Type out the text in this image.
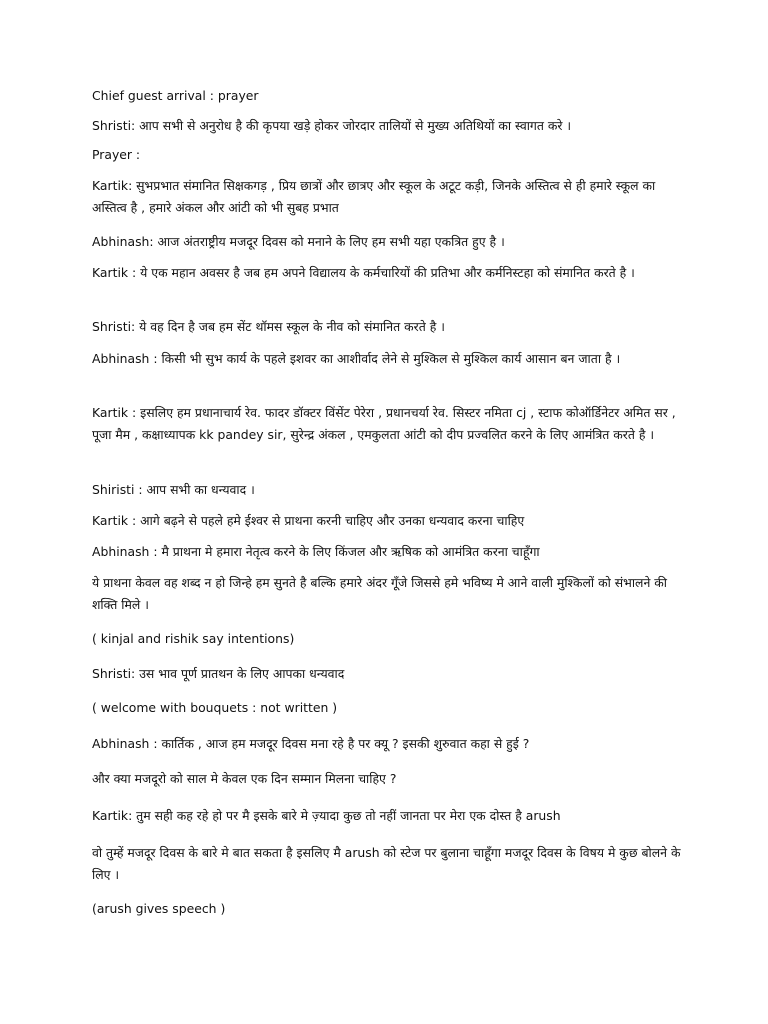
Chief guest arrival : prayer
Shristi: आप सभी से अनुरोध है की कृपया खड़े होकर जोरदार तालियों से मुख्य अतिथियों का स्वागत करे ।
Prayer :
Kartik: सुभप्रभात संमानित सिक्षकगड़ , प्रिय छात्रों और छात्रए और स्कूल के अटूट कड़ी, जिनके अस्तित्व से ही हमारे स्कूल का अस्तित्व है , हमारे अंकल और आंटी को भी सुबह प्रभात
Abhinash: आज अंतराष्ट्रीय मजदूर दिवस को मनाने के लिए हम सभी यहा एकत्रित हुए है ।
Kartik : ये एक महान अवसर है जब हम अपने विद्यालय के कर्मचारियों की प्रतिभा और कर्मनिस्टहा को संमानित करते है ।
Shristi: ये वह दिन है जब हम सेंट थॉमस स्कूल के नीव को संमानित करते है ।
Abhinash : किसी भी सुभ कार्य के पहले इशवर का आशीर्वाद लेने से मुश्किल से मुश्किल कार्य आसान बन जाता है ।
Kartik : इसलिए हम प्रधानाचार्य रेव. फादर डॉक्टर विंसेंट पेरेरा , प्रधानचर्या रेव. सिस्टर नमिता cj , स्टाफ कोऑर्डिनेटर अमित सर , पूजा मैम , कक्षाध्यापक kk pandey sir, सुरेन्द्र अंकल , एमकुलता आंटी को दीप प्रज्वलित करने के लिए आमंत्रित करते है ।
Shiristi : आप सभी का धन्यवाद ।
Kartik : आगे बढ़ने से पहले हमे ईश्वर से प्राथना करनी चाहिए और उनका धन्यवाद करना चाहिए
Abhinash : मै प्राथना मे हमारा नेतृत्व करने के लिए किंजल और ऋषिक को आमंत्रित करना चाहूँगा
ये प्राथना केवल वह शब्द न हो जिन्हे हम सुनते है बल्कि हमारे अंदर गूँजे जिससे हमे भविष्य मे आने वाली मुश्किलों को संभालने की शक्ति मिले ।
( kinjal and rishik say intentions)
Shristi: उस भाव पूर्ण प्रातथन के लिए आपका धन्यवाद
( welcome with bouquets : not written )
Abhinash : कार्तिक , आज हम मजदूर दिवस मना रहे है पर क्यू ? इसकी शुरुवात कहा से हुई ?
और क्या मजदूरो को साल मे केवल एक दिन सम्मान मिलना चाहिए ?
Kartik: तुम सही कह रहे हो पर मै इसके बारे मे ज़्यादा कुछ तो नहीं जानता पर मेरा एक दोस्त है arush
वो तुम्हें मजदूर दिवस के बारे मे बात सकता है इसलिए मै arush को स्टेज पर बुलाना चाहूँगा मजदूर दिवस के विषय मे कुछ बोलने के लिए ।
(arush gives speech )
